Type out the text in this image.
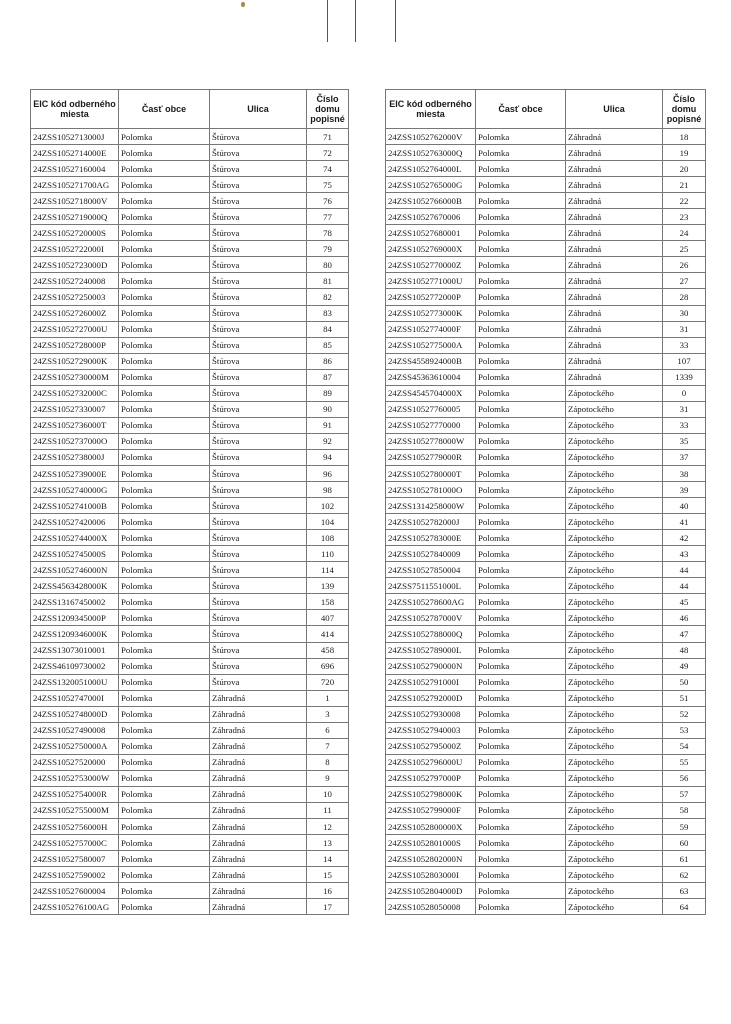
EIC kód odberného miesta	Časť obce	Ulica	Číslo domu popisné
24ZSS1052713000J	Polomka	Štúrova	71
24ZSS1052714000E	Polomka	Štúrova	72
24ZSS10527160004	Polomka	Štúrova	74
24ZSS105271700AG	Polomka	Štúrova	75
24ZSS1052718000V	Polomka	Štúrova	76
24ZSS1052719000Q	Polomka	Štúrova	77
24ZSS1052720000S	Polomka	Štúrova	78
24ZSS1052722000I	Polomka	Štúrova	79
24ZSS1052723000D	Polomka	Štúrova	80
24ZSS10527240008	Polomka	Štúrova	81
24ZSS10527250003	Polomka	Štúrova	82
24ZSS1052726000Z	Polomka	Štúrova	83
24ZSS1052727000U	Polomka	Štúrova	84
24ZSS1052728000P	Polomka	Štúrova	85
24ZSS1052729000K	Polomka	Štúrova	86
24ZSS1052730000M	Polomka	Štúrova	87
24ZSS1052732000C	Polomka	Štúrova	89
24ZSS10527330007	Polomka	Štúrova	90
24ZSS1052736000T	Polomka	Štúrova	91
24ZSS1052737000O	Polomka	Štúrova	92
24ZSS1052738000J	Polomka	Štúrova	94
24ZSS1052739000E	Polomka	Štúrova	96
24ZSS1052740000G	Polomka	Štúrova	98
24ZSS1052741000B	Polomka	Štúrova	102
24ZSS10527420006	Polomka	Štúrova	104
24ZSS1052744000X	Polomka	Štúrova	108
24ZSS1052745000S	Polomka	Štúrova	110
24ZSS1052746000N	Polomka	Štúrova	114
24ZSS4563428000K	Polomka	Štúrova	139
24ZSS13167450002	Polomka	Štúrova	158
24ZSS1209345000P	Polomka	Štúrova	407
24ZSS1209346000K	Polomka	Štúrova	414
24ZSS13073010001	Polomka	Štúrova	458
24ZSS46109730002	Polomka	Štúrova	696
24ZSS1320051000U	Polomka	Štúrova	720
24ZSS1052747000I	Polomka	Záhradná	1
24ZSS1052748000D	Polomka	Záhradná	3
24ZSS10527490008	Polomka	Záhradná	6
24ZSS1052750000A	Polomka	Záhradná	7
24ZSS10527520000	Polomka	Záhradná	8
24ZSS1052753000W	Polomka	Záhradná	9
24ZSS1052754000R	Polomka	Záhradná	10
24ZSS1052755000M	Polomka	Záhradná	11
24ZSS1052756000H	Polomka	Záhradná	12
24ZSS1052757000C	Polomka	Záhradná	13
24ZSS10527580007	Polomka	Záhradná	14
24ZSS10527590002	Polomka	Záhradná	15
24ZSS10527600004	Polomka	Záhradná	16
24ZSS105276100AG	Polomka	Záhradná	17
EIC kód odberného miesta	Časť obce	Ulica	Číslo domu popisné
24ZSS1052762000V	Polomka	Záhradná	18
24ZSS1052763000Q	Polomka	Záhradná	19
24ZSS1052764000L	Polomka	Záhradná	20
24ZSS1052765000G	Polomka	Záhradná	21
24ZSS1052766000B	Polomka	Záhradná	22
24ZSS10527670006	Polomka	Záhradná	23
24ZSS10527680001	Polomka	Záhradná	24
24ZSS1052769000X	Polomka	Záhradná	25
24ZSS1052770000Z	Polomka	Záhradná	26
24ZSS1052771000U	Polomka	Záhradná	27
24ZSS1052772000P	Polomka	Záhradná	28
24ZSS1052773000K	Polomka	Záhradná	30
24ZSS1052774000F	Polomka	Záhradná	31
24ZSS1052775000A	Polomka	Záhradná	33
24ZSS4558924000B	Polomka	Záhradná	107
24ZSS45363610004	Polomka	Záhradná	1339
24ZSS4545704000X	Polomka	Zápotockého	0
24ZSS10527760005	Polomka	Zápotockého	31
24ZSS10527770000	Polomka	Zápotockého	33
24ZSS1052778000W	Polomka	Zápotockého	35
24ZSS1052779000R	Polomka	Zápotockého	37
24ZSS1052780000T	Polomka	Zápotockého	38
24ZSS1052781000O	Polomka	Zápotockého	39
24ZSS1314258000W	Polomka	Zápotockého	40
24ZSS1052782000J	Polomka	Zápotockého	41
24ZSS1052783000E	Polomka	Zápotockého	42
24ZSS10527840009	Polomka	Zápotockého	43
24ZSS10527850004	Polomka	Zápotockého	44
24ZSS7511551000L	Polomka	Zápotockého	44
24ZSS105278600AG	Polomka	Zápotockého	45
24ZSS1052787000V	Polomka	Zápotockého	46
24ZSS1052788000Q	Polomka	Zápotockého	47
24ZSS1052789000L	Polomka	Zápotockého	48
24ZSS1052790000N	Polomka	Zápotockého	49
24ZSS1052791000I	Polomka	Zápotockého	50
24ZSS1052792000D	Polomka	Zápotockého	51
24ZSS10527930008	Polomka	Zápotockého	52
24ZSS10527940003	Polomka	Zápotockého	53
24ZSS1052795000Z	Polomka	Zápotockého	54
24ZSS1052796000U	Polomka	Zápotockého	55
24ZSS1052797000P	Polomka	Zápotockého	56
24ZSS1052798000K	Polomka	Zápotockého	57
24ZSS1052799000F	Polomka	Zápotockého	58
24ZSS1052800000X	Polomka	Zápotockého	59
24ZSS1052801000S	Polomka	Zápotockého	60
24ZSS1052802000N	Polomka	Zápotockého	61
24ZSS1052803000I	Polomka	Zápotockého	62
24ZSS1052804000D	Polomka	Zápotockého	63
24ZSS10528050008	Polomka	Zápotockého	64
